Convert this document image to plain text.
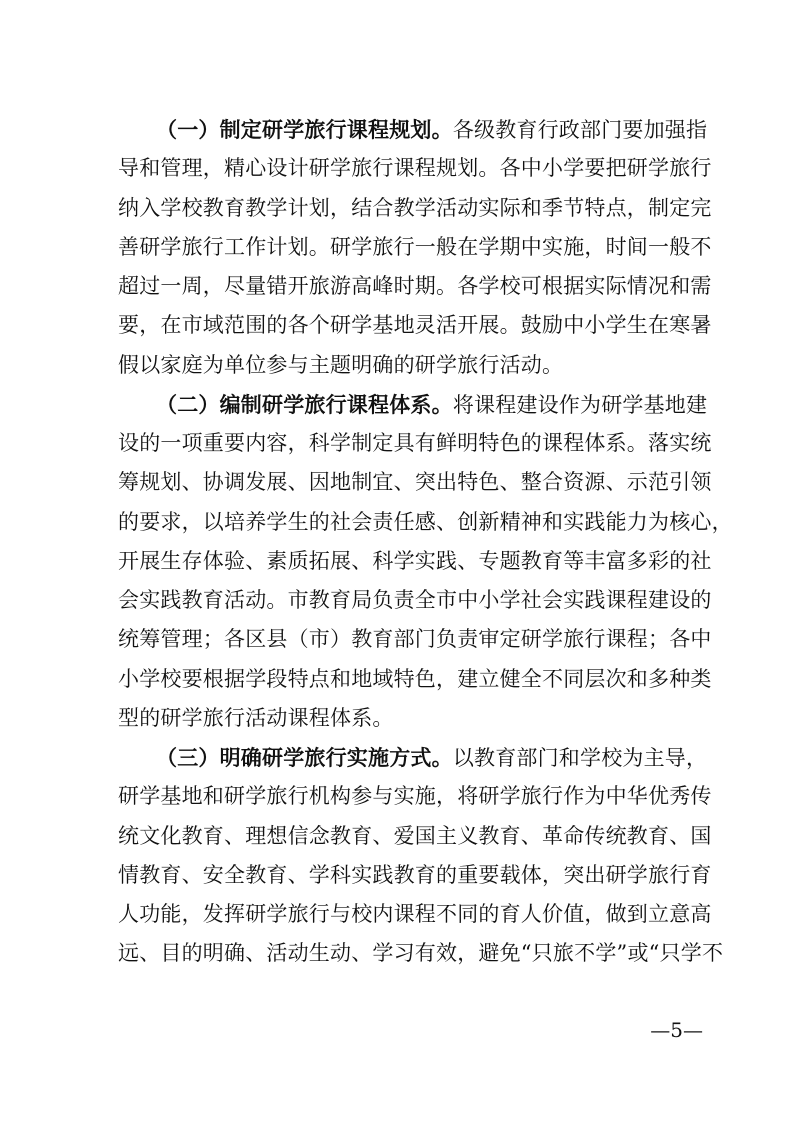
（一）制定研学旅行课程规划。各级教育行政部门要加强指
导和管理，精心设计研学旅行课程规划。各中小学要把研学旅行
纳入学校教育教学计划，结合教学活动实际和季节特点，制定完
善研学旅行工作计划。研学旅行一般在学期中实施，时间一般不
超过一周，尽量错开旅游高峰时期。各学校可根据实际情况和需
要，在市域范围的各个研学基地灵活开展。鼓励中小学生在寒暑
假以家庭为单位参与主题明确的研学旅行活动。
（二）编制研学旅行课程体系。将课程建设作为研学基地建
设的一项重要内容，科学制定具有鲜明特色的课程体系。落实统
筹规划、协调发展、因地制宜、突出特色、整合资源、示范引领
的要求，以培养学生的社会责任感、创新精神和实践能力为核心，
开展生存体验、素质拓展、科学实践、专题教育等丰富多彩的社
会实践教育活动。市教育局负责全市中小学社会实践课程建设的
统筹管理；各区县（市）教育部门负责审定研学旅行课程；各中
小学校要根据学段特点和地域特色，建立健全不同层次和多种类
型的研学旅行活动课程体系。
（三）明确研学旅行实施方式。以教育部门和学校为主导，
研学基地和研学旅行机构参与实施，将研学旅行作为中华优秀传
统文化教育、理想信念教育、爱国主义教育、革命传统教育、国
情教育、安全教育、学科实践教育的重要载体，突出研学旅行育
人功能，发挥研学旅行与校内课程不同的育人价值，做到立意高
远、目的明确、活动生动、学习有效，避免“只旅不学”或“只学不
—5—
